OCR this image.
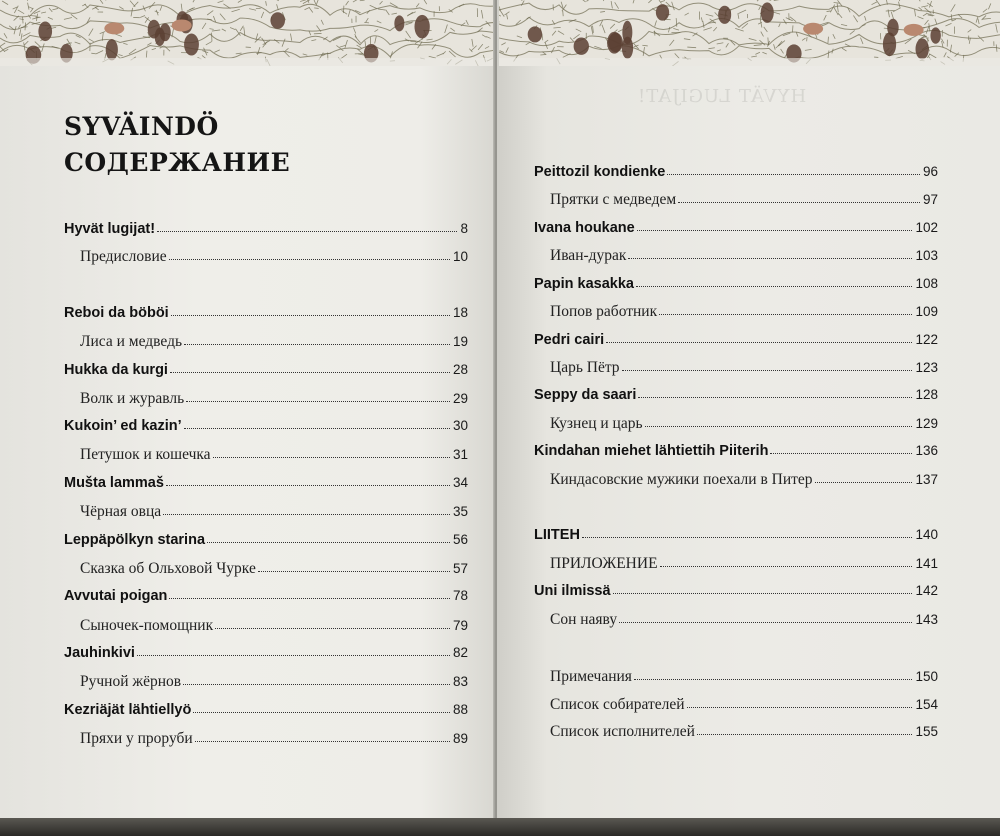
SYVÄINDÖ
СОДЕРЖАНИЕ
Hyvät lugijat!	8
Предисловие	10
Reboi da böböi	18
Лиса и медведь	19
Hukka da kurgi	28
Волк и журавль	29
Kukoin’ ed kazin’	30
Петушок и кошечка	31
Mušta lammaš	34
Чёрная овца	35
Leppäpölkyn starina	56
Сказка об Ольховой Чурке	57
Avvutai poigan	78
Сыночек-помощник	79
Jauhinkivi	82
Ручной жёрнов	83
Kezriäjät lähtiellyö	88
Пряхи у проруби	89
HYVÄT LUGIJAT!
Peittozil kondienke	96
Прятки с медведем	97
Ivana houkane	102
Иван-дурак	103
Papin kasakka	108
Попов работник	109
Pedri cairi	122
Царь Пётр	123
Seppy da saari	128
Кузнец и царь	129
Kindahan miehet lähtiettih Piiterih	136
Киндасовские мужики поехали в Питер	137
LIITEH	140
ПРИЛОЖЕНИЕ	141
Uni ilmissä	142
Сон наяву	143
Примечания	150
Список собирателей	154
Список исполнителей	155
